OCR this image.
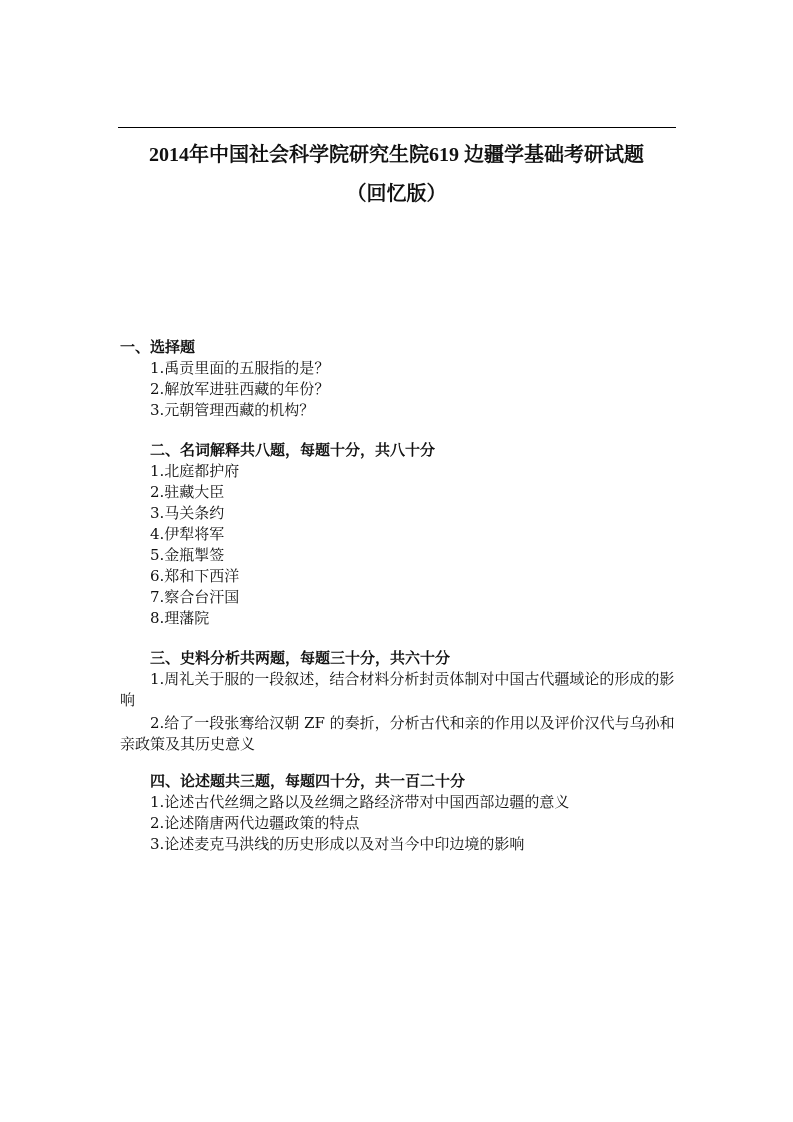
2014年中国社会科学院研究生院619 边疆学基础考研试题
（回忆版）
一、选择题

1.禹贡里面的五服指的是？

2.解放军进驻西藏的年份？

3.元朝管理西藏的机构？

二、名词解释共八题，每题十分，共八十分

1.北庭都护府

2.驻藏大臣

3.马关条约

4.伊犁将军

5.金瓶掣签

6.郑和下西洋

7.察合台汗国

8.理藩院

三、史料分析共两题，每题三十分，共六十分

1.周礼关于服的一段叙述，结合材料分析封贡体制对中国古代疆域论的形成的影响

2.给了一段张骞给汉朝 ZF 的奏折，分析古代和亲的作用以及评价汉代与乌孙和亲政策及其历史意义

四、论述题共三题，每题四十分，共一百二十分

1.论述古代丝绸之路以及丝绸之路经济带对中国西部边疆的意义

2.论述隋唐两代边疆政策的特点

3.论述麦克马洪线的历史形成以及对当今中印边境的影响
